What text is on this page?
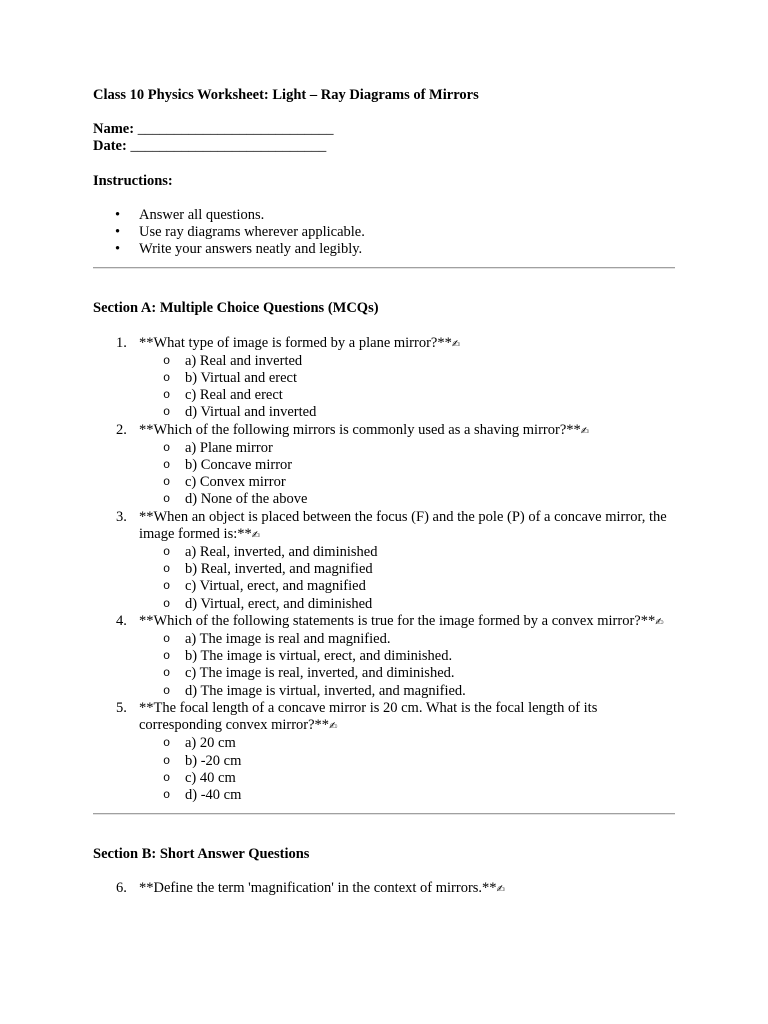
Class 10 Physics Worksheet: Light – Ray Diagrams of Mirrors

Name: ___________________________

Date: ___________________________

Instructions:

• Answer all questions.
• Use ray diagrams wherever applicable.
• Write your answers neatly and legibly.

Section A: Multiple Choice Questions (MCQs)

1. **What type of image is formed by a plane mirror?**✍
o a) Real and inverted
o b) Virtual and erect
o c) Real and erect
o d) Virtual and inverted
2. **Which of the following mirrors is commonly used as a shaving mirror?**✍
o a) Plane mirror
o b) Concave mirror
o c) Convex mirror
o d) None of the above
3. **When an object is placed between the focus (F) and the pole (P) of a concave mirror, the image formed is:**✍
o a) Real, inverted, and diminished
o b) Real, inverted, and magnified
o c) Virtual, erect, and magnified
o d) Virtual, erect, and diminished
4. **Which of the following statements is true for the image formed by a convex mirror?**✍
o a) The image is real and magnified.
o b) The image is virtual, erect, and diminished.
o c) The image is real, inverted, and diminished.
o d) The image is virtual, inverted, and magnified.
5. **The focal length of a concave mirror is 20 cm. What is the focal length of its corresponding convex mirror?**✍
o a) 20 cm
o b) -20 cm
o c) 40 cm
o d) -40 cm

Section B: Short Answer Questions

6. **Define the term 'magnification' in the context of mirrors.**✍
